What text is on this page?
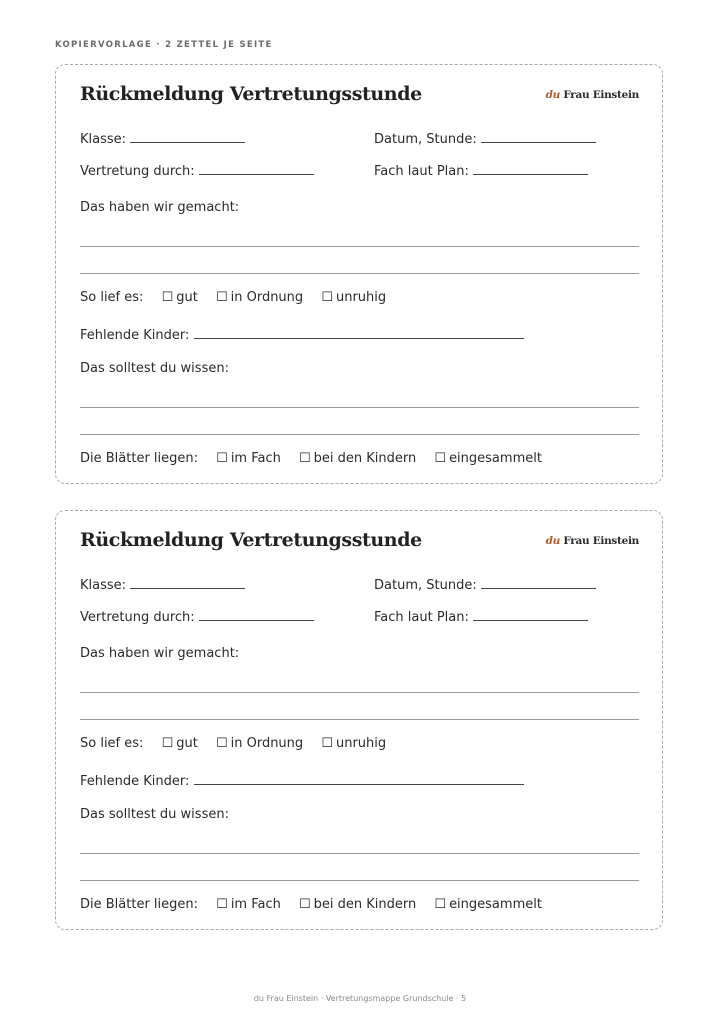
KOPIERVORLAGE · 2 ZETTEL JE SEITE
Rückmeldung Vertretungsstunde	du Frau Einstein
Klasse:	Datum, Stunde:
Vertretung durch:	Fach laut Plan:
Das haben wir gemacht:
So lief es: ☐ gut ☐ in Ordnung ☐ unruhig
Fehlende Kinder:
Das solltest du wissen:
Die Blätter liegen: ☐ im Fach ☐ bei den Kindern ☐ eingesammelt
Rückmeldung Vertretungsstunde	du Frau Einstein
Klasse:	Datum, Stunde:
Vertretung durch:	Fach laut Plan:
Das haben wir gemacht:
So lief es: ☐ gut ☐ in Ordnung ☐ unruhig
Fehlende Kinder:
Das solltest du wissen:
Die Blätter liegen: ☐ im Fach ☐ bei den Kindern ☐ eingesammelt
du Frau Einstein · Vertretungsmappe Grundschule · 5
